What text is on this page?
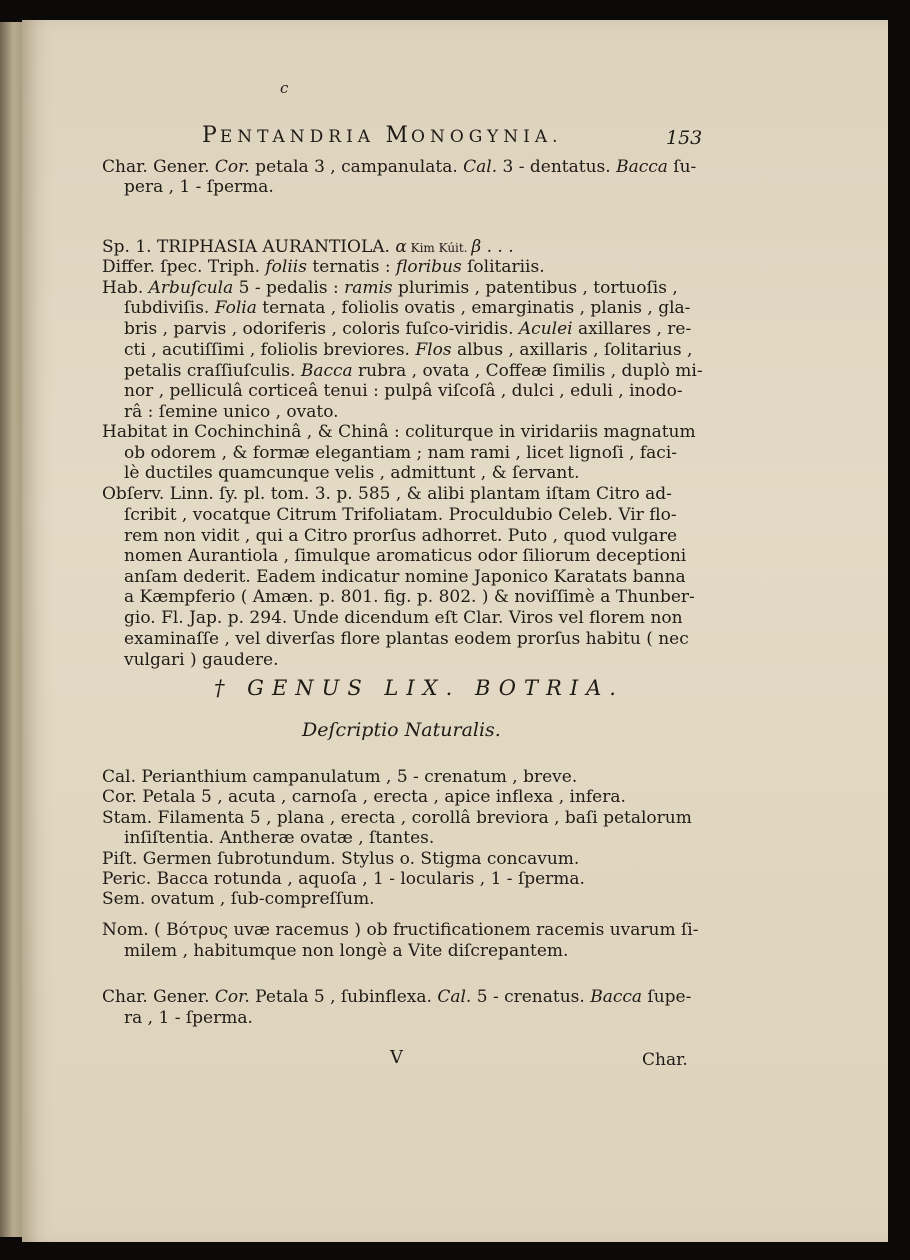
c
PENTANDRIA MONOGYNIA.	153
Char. Gener. Cor. petala 3 , campanulata. Cal. 3 - dentatus. Bacca ſu-
pera , 1 - ſperma.
Sp. 1. TRIPHASIA AURANTIOLA. α Kim Kúit. β . . .
Differ. ſpec. Triph. foliis ternatis : floribus ſolitariis.
Hab. Arbuſcula 5 - pedalis : ramis plurimis , patentibus , tortuoſis ,
ſubdiviſis. Folia ternata , foliolis ovatis , emarginatis , planis , gla-
bris , parvis , odoriferis , coloris fuſco-viridis. Aculei axillares , re-
cti , acutiſſimi , foliolis breviores. Flos albus , axillaris , ſolitarius ,
petalis craſſiuſculis. Bacca rubra , ovata , Coffeæ ſimilis , duplò mi-
nor , pelliculâ corticeâ tenui : pulpâ viſcoſâ , dulci , eduli , inodo-
râ : ſemine unico , ovato.
Habitat in Cochinchinâ , & Chinâ : coliturque in viridariis magnatum
ob odorem , & formæ elegantiam ; nam rami , licet lignoſi , faci-
lè ductiles quamcunque velis , admittunt , & ſervant.
Obſerv. Linn. ſy. pl. tom. 3. p. 585 , & alibi plantam iſtam Citro ad-
ſcribit , vocatque Citrum Trifoliatam. Proculdubio Celeb. Vir flo-
rem non vidit , qui a Citro prorſus adhorret. Puto , quod vulgare
nomen Aurantiola , ſimulque aromaticus odor ſiliorum deceptioni
anſam dederit. Eadem indicatur nomine Japonico Karatats banna
a Kæmpferio ( Amæn. p. 801. fig. p. 802. ) & noviſſimè a Thunber-
gio. Fl. Jap. p. 294. Unde dicendum eſt Clar. Viros vel florem non
examinaſſe , vel diverſas flore plantas eodem prorſus habitu ( nec
vulgari ) gaudere.
Cal. Perianthium campanulatum , 5 - crenatum , breve.
Cor. Petala 5 , acuta , carnoſa , erecta , apice inflexa , infera.
Stam. Filamenta 5 , plana , erecta , corollâ breviora , baſi petalorum
inſiſtentia. Antheræ ovatæ , ſtantes.
Piſt. Germen ſubrotundum. Stylus o. Stigma concavum.
Peric. Bacca rotunda , aquoſa , 1 - locularis , 1 - ſperma.
Sem. ovatum , ſub-compreſſum.
Nom. ( Βότρυς uvæ racemus ) ob fructificationem racemis uvarum ſi-
milem , habitumque non longè a Vite diſcrepantem.
Char. Gener. Cor. Petala 5 , ſubinflexa. Cal. 5 - crenatus. Bacca ſupe-
ra , 1 - ſperma.
† GENUS LIX. BOTRIA.
Deſcriptio Naturalis.
V	Char.
